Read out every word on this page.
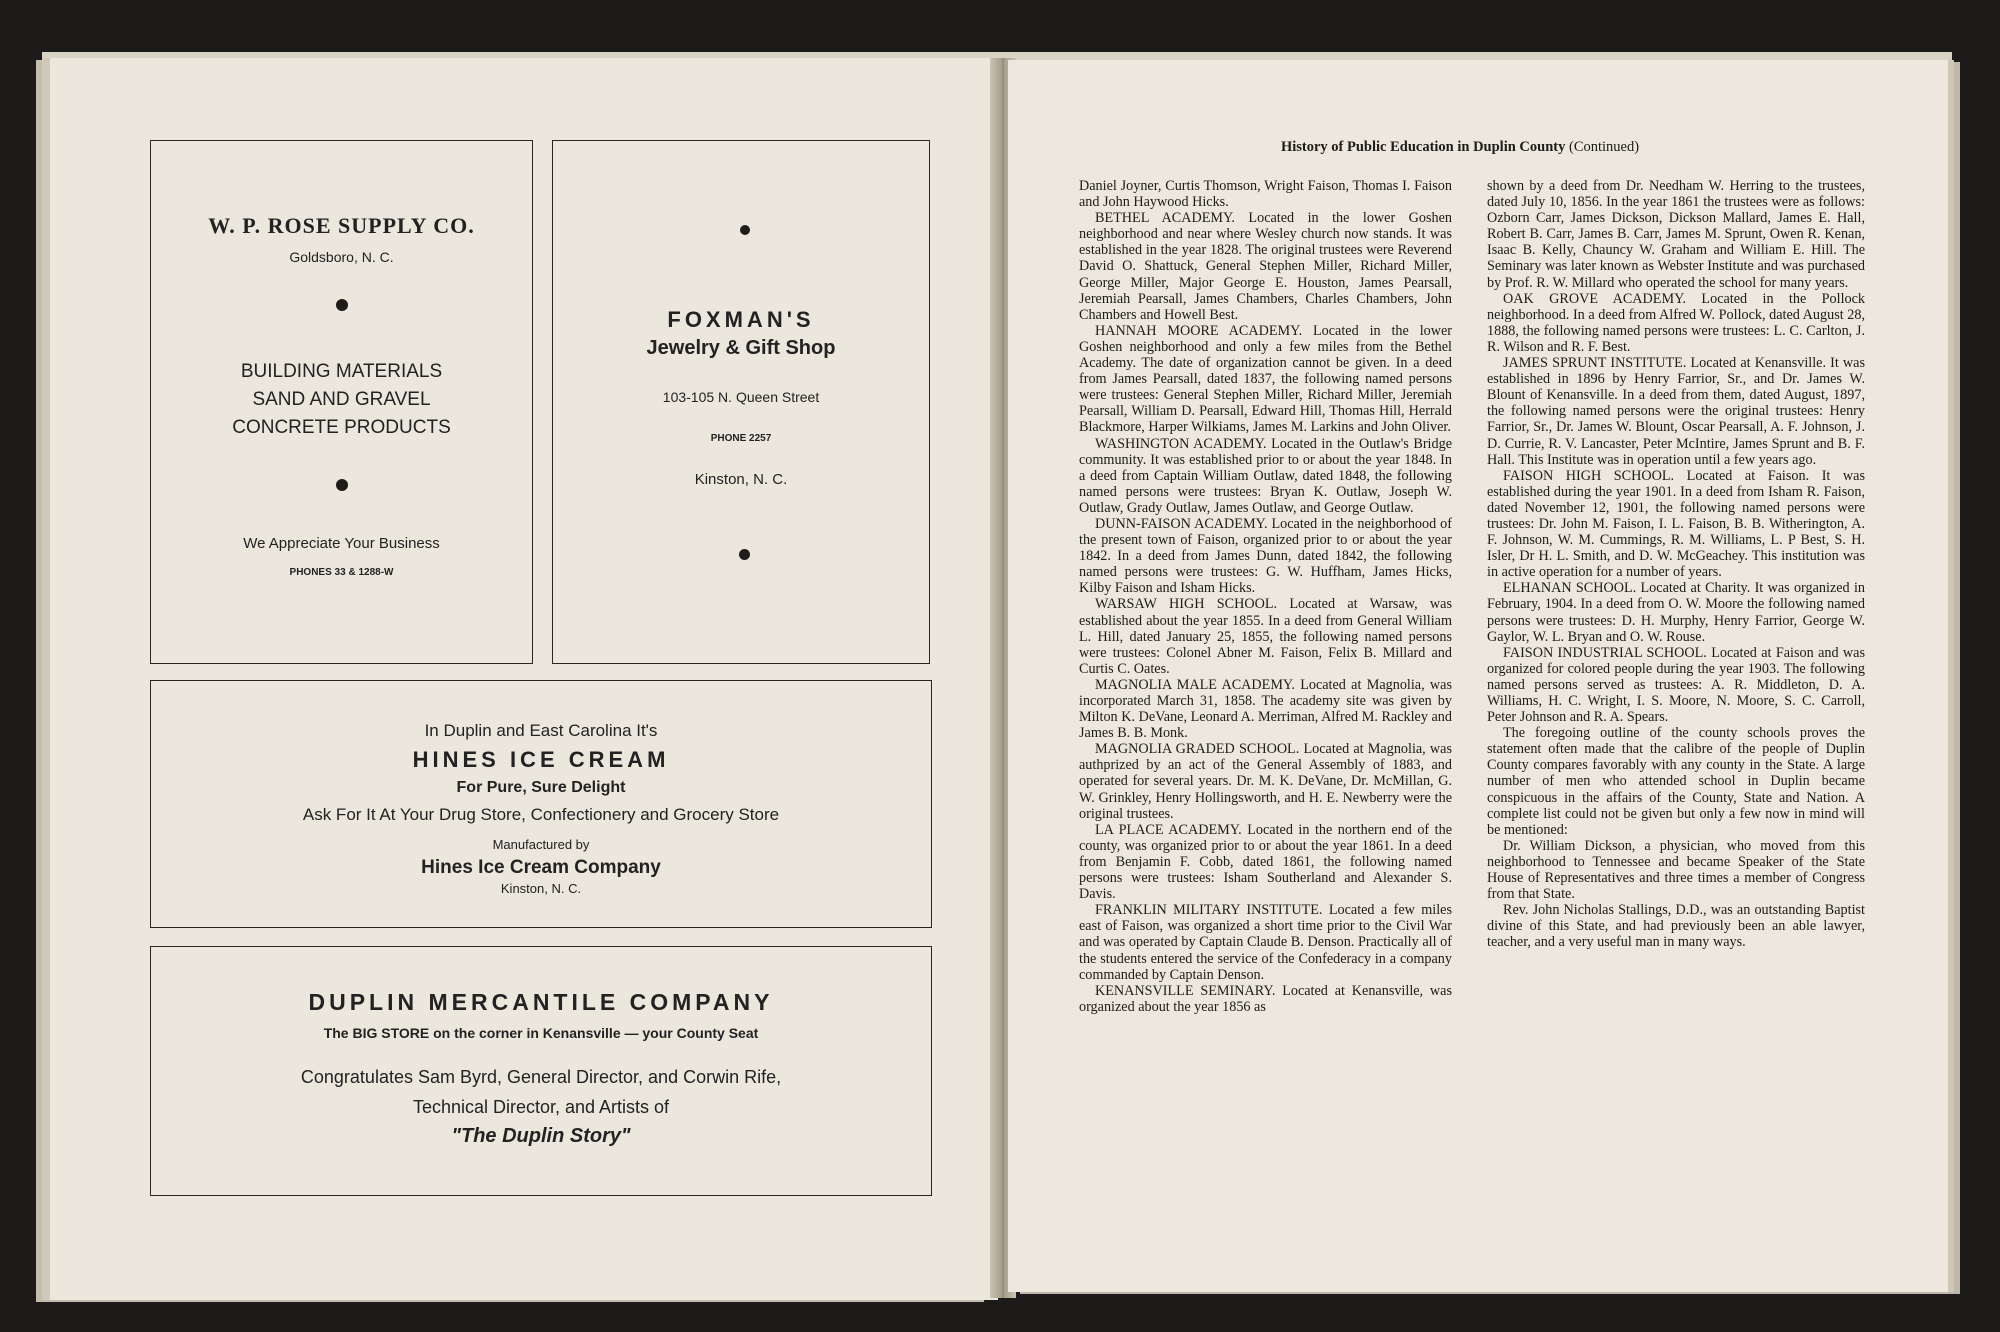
W. P. ROSE SUPPLY CO.
Goldsboro, N. C.
BUILDING MATERIALS
SAND AND GRAVEL
CONCRETE PRODUCTS
We Appreciate Your Business
PHONES 33 & 1288-W
FOXMAN'S
Jewelry & Gift Shop
103-105 N. Queen Street
PHONE 2257
Kinston, N. C.
In Duplin and East Carolina It's
HINES ICE CREAM
For Pure, Sure Delight
Ask For It At Your Drug Store, Confectionery and Grocery Store
Manufactured by
Hines Ice Cream Company
Kinston, N. C.
DUPLIN MERCANTILE COMPANY
The BIG STORE on the corner in Kenansville — your County Seat
Congratulates Sam Byrd, General Director, and Corwin Rife,
Technical Director, and Artists of
"The Duplin Story"
History of Public Education in Duplin County (Continued)

Daniel Joyner, Curtis Thomson, Wright Faison, Thomas I. Faison and John Haywood Hicks.

BETHEL ACADEMY. Located in the lower Goshen neighborhood and near where Wesley church now stands. It was established in the year 1828. The original trustees were Reverend David O. Shattuck, General Stephen Miller, Richard Miller, George Miller, Major George E. Houston, James Pearsall, Jeremiah Pearsall, James Chambers, Charles Chambers, John Chambers and Howell Best.

HANNAH MOORE ACADEMY. Located in the lower Goshen neighborhood and only a few miles from the Bethel Academy. The date of organization cannot be given. In a deed from James Pearsall, dated 1837, the following named persons were trustees: General Stephen Miller, Richard Miller, Jeremiah Pearsall, William D. Pearsall, Edward Hill, Thomas Hill, Herrald Blackmore, Harper Wilkiams, James M. Larkins and John Oliver.

WASHINGTON ACADEMY. Located in the Outlaw's Bridge community. It was established prior to or about the year 1848. In a deed from Captain William Outlaw, dated 1848, the following named persons were trustees: Bryan K. Outlaw, Joseph W. Outlaw, Grady Outlaw, James Outlaw, and George Outlaw.

DUNN-FAISON ACADEMY. Located in the neighborhood of the present town of Faison, organized prior to or about the year 1842. In a deed from James Dunn, dated 1842, the following named persons were trustees: G. W. Huffham, James Hicks, Kilby Faison and Isham Hicks.

WARSAW HIGH SCHOOL. Located at Warsaw, was established about the year 1855. In a deed from General William L. Hill, dated January 25, 1855, the following named persons were trustees: Colonel Abner M. Faison, Felix B. Millard and Curtis C. Oates.

MAGNOLIA MALE ACADEMY. Located at Magnolia, was incorporated March 31, 1858. The academy site was given by Milton K. DeVane, Leonard A. Merriman, Alfred M. Rackley and James B. B. Monk.

MAGNOLIA GRADED SCHOOL. Located at Magnolia, was authprized by an act of the General Assembly of 1883, and operated for several years. Dr. M. K. DeVane, Dr. McMillan, G. W. Grinkley, Henry Hollingsworth, and H. E. Newberry were the original trustees.

LA PLACE ACADEMY. Located in the northern end of the county, was organized prior to or about the year 1861. In a deed from Benjamin F. Cobb, dated 1861, the following named persons were trustees: Isham Southerland and Alexander S. Davis.

FRANKLIN MILITARY INSTITUTE. Located a few miles east of Faison, was organized a short time prior to the Civil War and was operated by Captain Claude B. Denson. Practically all of the students entered the service of the Confederacy in a company commanded by Captain Denson.

KENANSVILLE SEMINARY. Located at Kenansville, was organized about the year 1856 as

shown by a deed from Dr. Needham W. Herring to the trustees, dated July 10, 1856. In the year 1861 the trustees were as follows: Ozborn Carr, James Dickson, Dickson Mallard, James E. Hall, Robert B. Carr, James B. Carr, James M. Sprunt, Owen R. Kenan, Isaac B. Kelly, Chauncy W. Graham and William E. Hill. The Seminary was later known as Webster Institute and was purchased by Prof. R. W. Millard who operated the school for many years.

OAK GROVE ACADEMY. Located in the Pollock neighborhood. In a deed from Alfred W. Pollock, dated August 28, 1888, the following named persons were trustees: L. C. Carlton, J. R. Wilson and R. F. Best.

JAMES SPRUNT INSTITUTE. Located at Kenansville. It was established in 1896 by Henry Farrior, Sr., and Dr. James W. Blount of Kenansville. In a deed from them, dated August, 1897, the following named persons were the original trustees: Henry Farrior, Sr., Dr. James W. Blount, Oscar Pearsall, A. F. Johnson, J. D. Currie, R. V. Lancaster, Peter McIntire, James Sprunt and B. F. Hall. This Institute was in operation until a few years ago.

FAISON HIGH SCHOOL. Located at Faison. It was established during the year 1901. In a deed from Isham R. Faison, dated November 12, 1901, the following named persons were trustees: Dr. John M. Faison, I. L. Faison, B. B. Witherington, A. F. Johnson, W. M. Cummings, R. M. Williams, L. P Best, S. H. Isler, Dr H. L. Smith, and D. W. McGeachey. This institution was in active operation for a number of years.

ELHANAN SCHOOL. Located at Charity. It was organized in February, 1904. In a deed from O. W. Moore the following named persons were trustees: D. H. Murphy, Henry Farrior, George W. Gaylor, W. L. Bryan and O. W. Rouse.

FAISON INDUSTRIAL SCHOOL. Located at Faison and was organized for colored people during the year 1903. The following named persons served as trustees: A. R. Middleton, D. A. Williams, H. C. Wright, I. S. Moore, N. Moore, S. C. Carroll, Peter Johnson and R. A. Spears.

The foregoing outline of the county schools proves the statement often made that the calibre of the people of Duplin County compares favorably with any county in the State. A large number of men who attended school in Duplin became conspicuous in the affairs of the County, State and Nation. A complete list could not be given but only a few now in mind will be mentioned:

Dr. William Dickson, a physician, who moved from this neighborhood to Tennessee and became Speaker of the State House of Representatives and three times a member of Congress from that State.

Rev. John Nicholas Stallings, D.D., was an outstanding Baptist divine of this State, and had previously been an able lawyer, teacher, and a very useful man in many ways.
